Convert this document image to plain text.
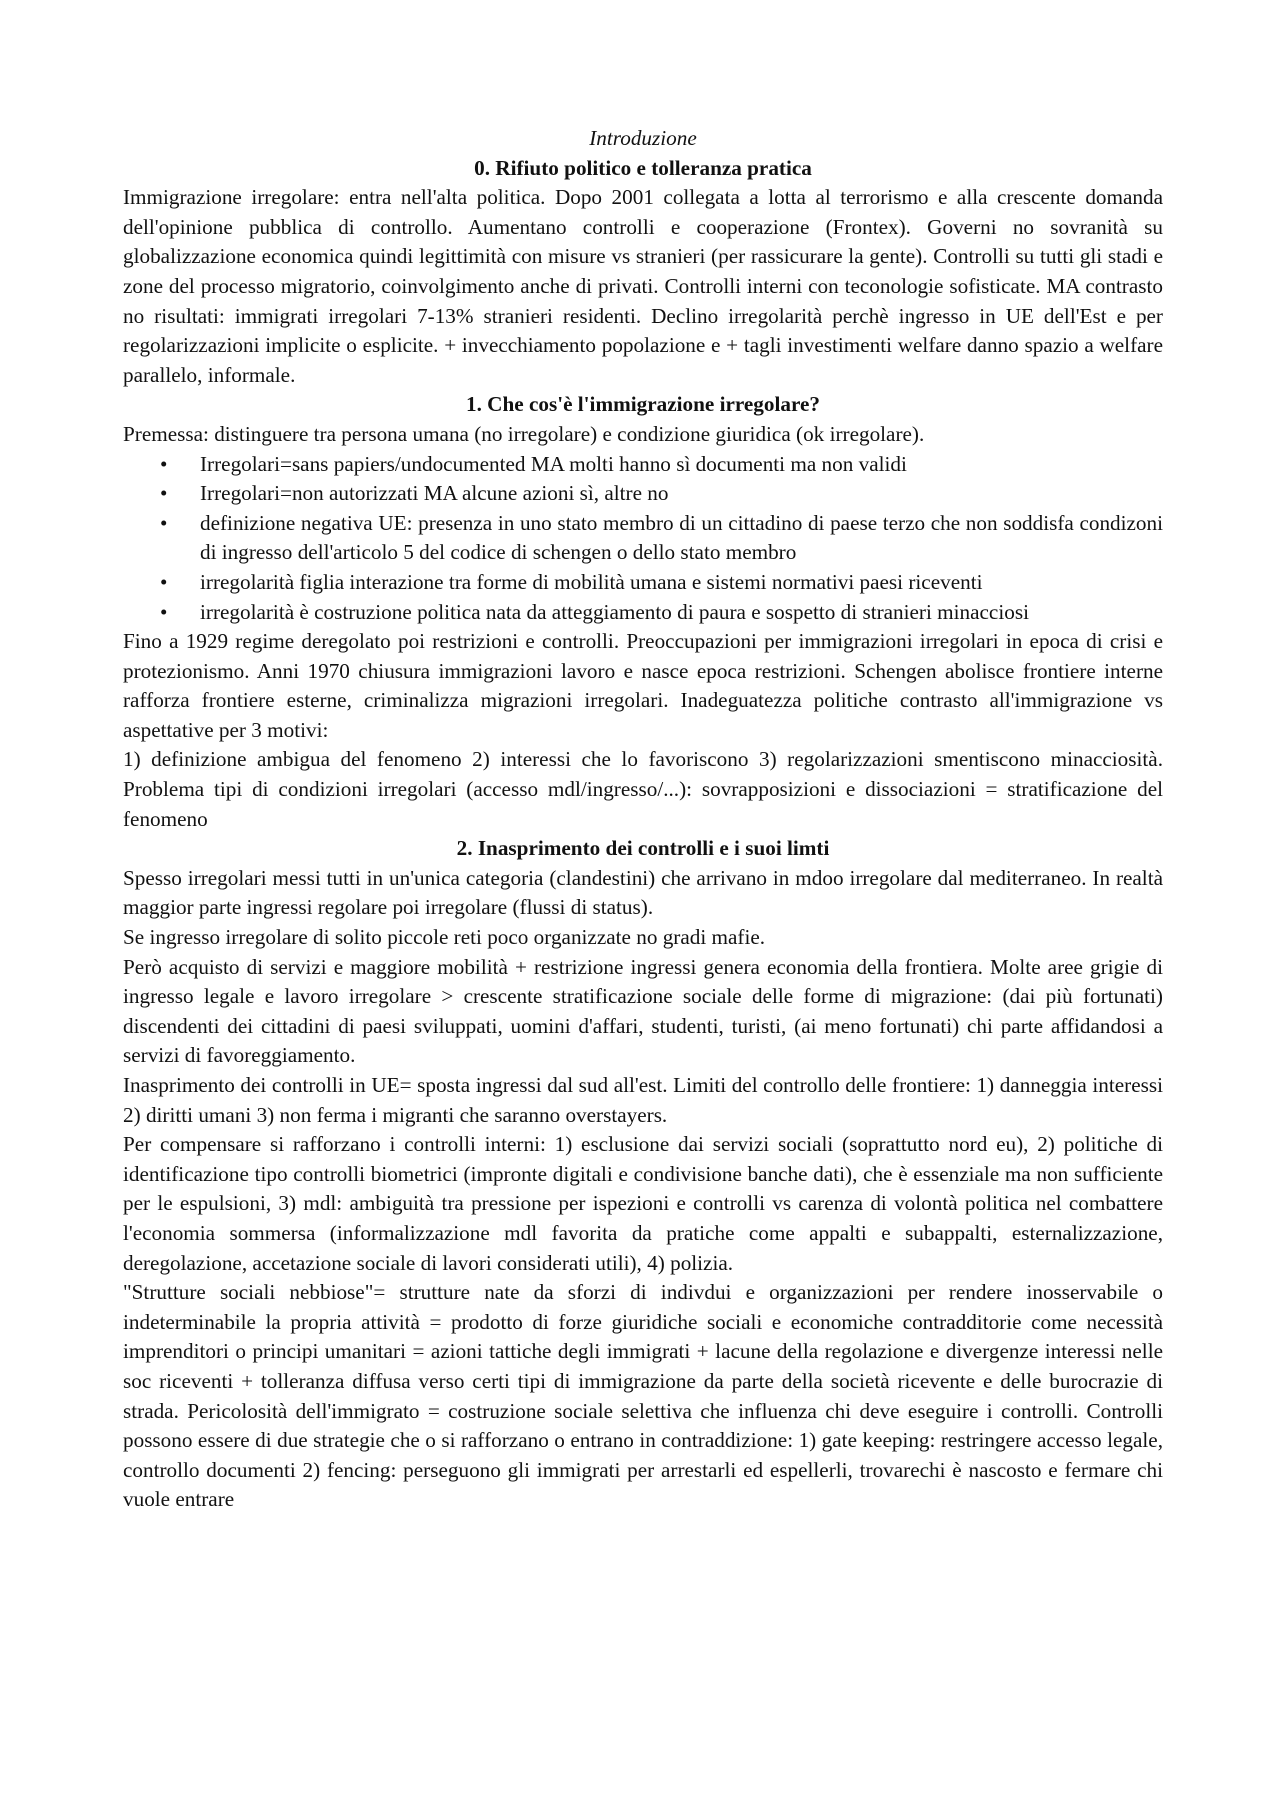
Introduzione
0. Rifiuto politico e tolleranza pratica

Immigrazione irregolare: entra nell'alta politica. Dopo 2001 collegata a lotta al terrorismo e alla crescente domanda dell'opinione pubblica di controllo. Aumentano controlli e cooperazione (Frontex). Governi no sovranità su globalizzazione economica quindi legittimità con misure vs stranieri (per rassicurare la gente). Controlli su tutti gli stadi e zone del processo migratorio, coinvolgimento anche di privati. Controlli interni con teconologie sofisticate. MA contrasto no risultati: immigrati irregolari 7-13% stranieri residenti. Declino irregolarità perchè ingresso in UE dell'Est e per regolarizzazioni implicite o esplicite. + invecchiamento popolazione e + tagli investimenti welfare danno spazio a welfare parallelo, informale.

1. Che cos'è l'immigrazione irregolare?

Premessa: distinguere tra persona umana (no irregolare) e condizione giuridica (ok irregolare).

• Irregolari=sans papiers/undocumented MA molti hanno sì documenti ma non validi
• Irregolari=non autorizzati MA alcune azioni sì, altre no
• definizione negativa UE: presenza in uno stato membro di un cittadino di paese terzo che non soddisfa condizoni di ingresso dell'articolo 5 del codice di schengen o dello stato membro
• irregolarità figlia interazione tra forme di mobilità umana e sistemi normativi paesi riceventi
• irregolarità è costruzione politica nata da atteggiamento di paura e sospetto di stranieri minacciosi

Fino a 1929 regime deregolato poi restrizioni e controlli. Preoccupazioni per immigrazioni irregolari in epoca di crisi e protezionismo. Anni 1970 chiusura immigrazioni lavoro e nasce epoca restrizioni. Schengen abolisce frontiere interne rafforza frontiere esterne, criminalizza migrazioni irregolari. Inadeguatezza politiche contrasto all'immigrazione vs aspettative per 3 motivi:

1) definizione ambigua del fenomeno 2) interessi che lo favoriscono 3) regolarizzazioni smentiscono minacciosità. Problema tipi di condizioni irregolari (accesso mdl/ingresso/...): sovrapposizioni e dissociazioni = stratificazione del fenomeno

2. Inasprimento dei controlli e i suoi limti

Spesso irregolari messi tutti in un'unica categoria (clandestini) che arrivano in mdoo irregolare dal mediterraneo. In realtà maggior parte ingressi regolare poi irregolare (flussi di status).

Se ingresso irregolare di solito piccole reti poco organizzate no gradi mafie.

Però acquisto di servizi e maggiore mobilità + restrizione ingressi genera economia della frontiera. Molte aree grigie di ingresso legale e lavoro irregolare > crescente stratificazione sociale delle forme di migrazione: (dai più fortunati) discendenti dei cittadini di paesi sviluppati, uomini d'affari, studenti, turisti, (ai meno fortunati) chi parte affidandosi a servizi di favoreggiamento.

Inasprimento dei controlli in UE= sposta ingressi dal sud all'est. Limiti del controllo delle frontiere: 1) danneggia interessi 2) diritti umani 3) non ferma i migranti che saranno overstayers.

Per compensare si rafforzano i controlli interni: 1) esclusione dai servizi sociali (soprattutto nord eu), 2) politiche di identificazione tipo controlli biometrici (impronte digitali e condivisione banche dati), che è essenziale ma non sufficiente per le espulsioni, 3) mdl: ambiguità tra pressione per ispezioni e controlli vs carenza di volontà politica nel combattere l'economia sommersa (informalizzazione mdl favorita da pratiche come appalti e subappalti, esternalizzazione, deregolazione, accetazione sociale di lavori considerati utili), 4) polizia.

"Strutture sociali nebbiose"= strutture nate da sforzi di indivdui e organizzazioni per rendere inosservabile o indeterminabile la propria attività = prodotto di forze giuridiche sociali e economiche contradditorie come necessità imprenditori o principi umanitari = azioni tattiche degli immigrati + lacune della regolazione e divergenze interessi nelle soc riceventi + tolleranza diffusa verso certi tipi di immigrazione da parte della società ricevente e delle burocrazie di strada. Pericolosità dell'immigrato = costruzione sociale selettiva che influenza chi deve eseguire i controlli. Controlli possono essere di due strategie che o si rafforzano o entrano in contraddizione: 1) gate keeping: restringere accesso legale, controllo documenti 2) fencing: perseguono gli immigrati per arrestarli ed espellerli, trovarechi è nascosto e fermare chi vuole entrare
